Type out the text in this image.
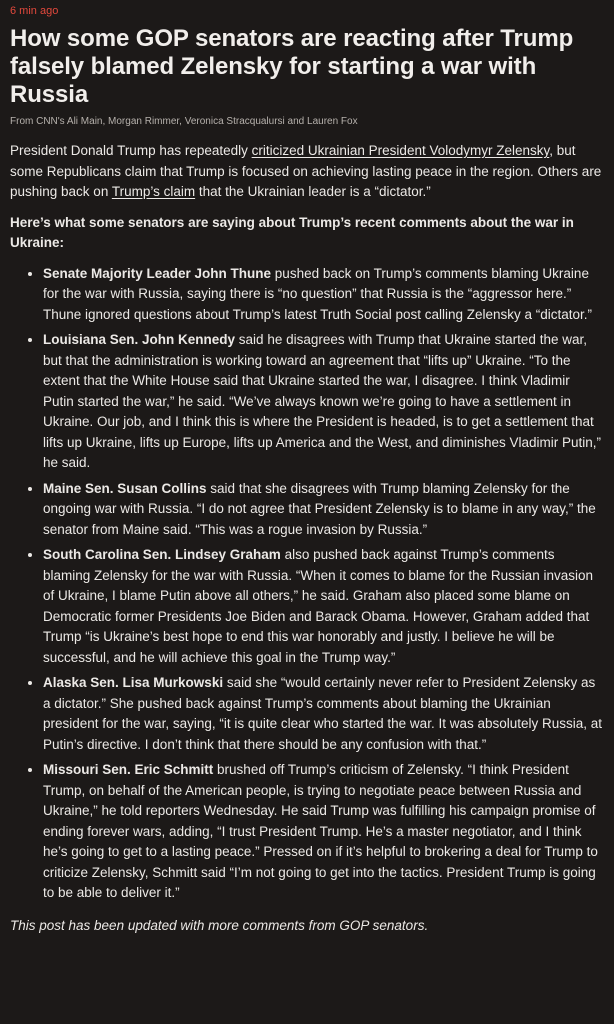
6 min ago
How some GOP senators are reacting after Trump falsely blamed Zelensky for starting a war with Russia
From CNN's Ali Main, Morgan Rimmer, Veronica Stracqualursi and Lauren Fox

President Donald Trump has repeatedly criticized Ukrainian President Volodymyr Zelensky, but some Republicans claim that Trump is focused on achieving lasting peace in the region. Others are pushing back on Trump’s claim that the Ukrainian leader is a “dictator.”

Here’s what some senators are saying about Trump’s recent comments about the war in Ukraine:

• Senate Majority Leader John Thune pushed back on Trump’s comments blaming Ukraine for the war with Russia, saying there is “no question” that Russia is the “aggressor here.” Thune ignored questions about Trump’s latest Truth Social post calling Zelensky a “dictator.”
• Louisiana Sen. John Kennedy said he disagrees with Trump that Ukraine started the war, but that the administration is working toward an agreement that “lifts up” Ukraine. “To the extent that the White House said that Ukraine started the war, I disagree. I think Vladimir Putin started the war,” he said. “We’ve always known we’re going to have a settlement in Ukraine. Our job, and I think this is where the President is headed, is to get a settlement that lifts up Ukraine, lifts up Europe, lifts up America and the West, and diminishes Vladimir Putin,” he said.
• Maine Sen. Susan Collins said that she disagrees with Trump blaming Zelensky for the ongoing war with Russia. “I do not agree that President Zelensky is to blame in any way,” the senator from Maine said. “This was a rogue invasion by Russia.”
• South Carolina Sen. Lindsey Graham also pushed back against Trump’s comments blaming Zelensky for the war with Russia. “When it comes to blame for the Russian invasion of Ukraine, I blame Putin above all others,” he said. Graham also placed some blame on Democratic former Presidents Joe Biden and Barack Obama. However, Graham added that Trump “is Ukraine’s best hope to end this war honorably and justly. I believe he will be successful, and he will achieve this goal in the Trump way.”
• Alaska Sen. Lisa Murkowski said she “would certainly never refer to President Zelensky as a dictator.” She pushed back against Trump’s comments about blaming the Ukrainian president for the war, saying, “it is quite clear who started the war. It was absolutely Russia, at Putin’s directive. I don’t think that there should be any confusion with that.”
• Missouri Sen. Eric Schmitt brushed off Trump’s criticism of Zelensky. “I think President Trump, on behalf of the American people, is trying to negotiate peace between Russia and Ukraine,” he told reporters Wednesday. He said Trump was fulfilling his campaign promise of ending forever wars, adding, “I trust President Trump. He’s a master negotiator, and I think he’s going to get to a lasting peace.” Pressed on if it’s helpful to brokering a deal for Trump to criticize Zelensky, Schmitt said “I’m not going to get into the tactics. President Trump is going to be able to deliver it.”

This post has been updated with more comments from GOP senators.
